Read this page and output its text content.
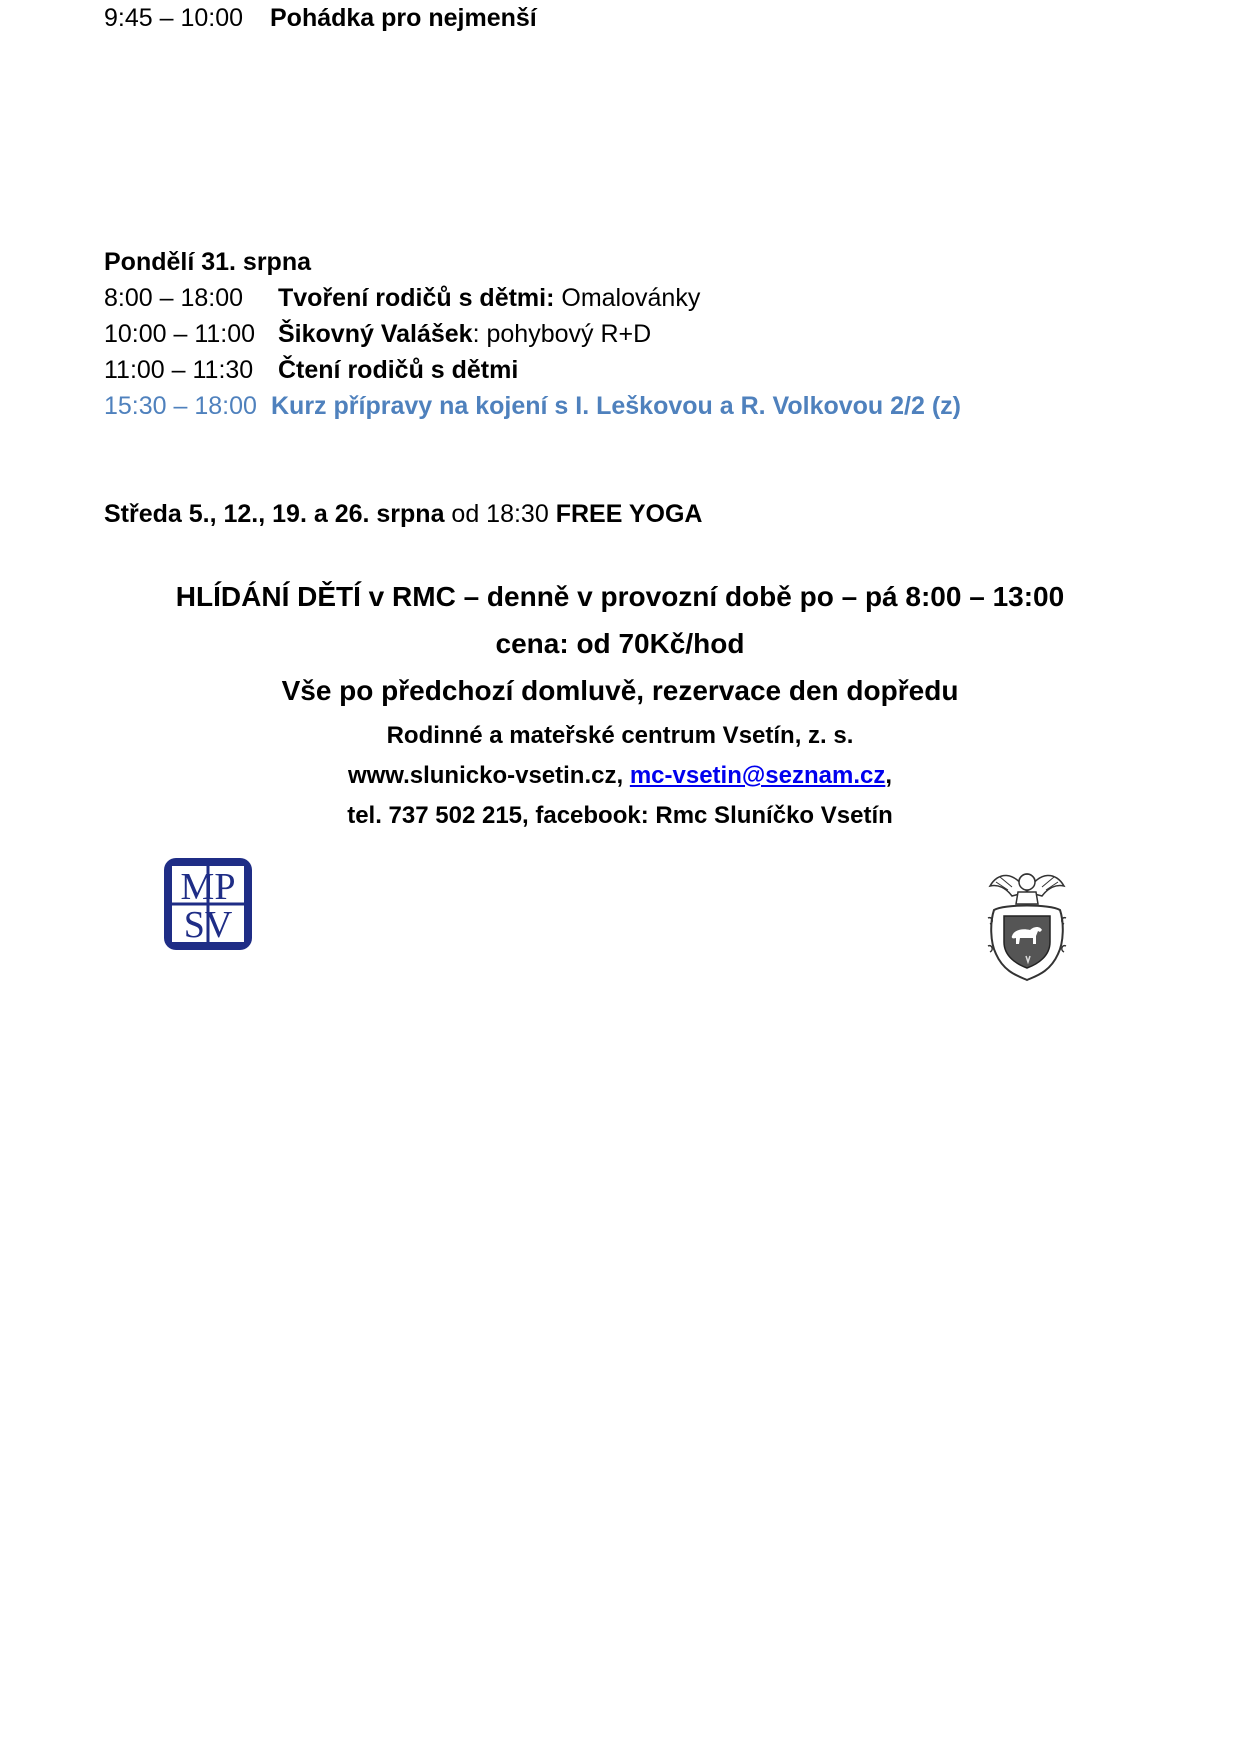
9:45 – 10:00 Pohádka pro nejmenší
Pondělí 31. srpna
8:00 – 18:00 Tvoření rodičů s dětmi: Omalovánky
10:00 – 11:00 Šikovný Valášek: pohybový R+D
11:00 – 11:30 Čtení rodičů s dětmi
15:30 – 18:00 Kurz přípravy na kojení s I. Leškovou a R. Volkovou 2/2 (z)
Středa 5., 12., 19. a 26. srpna od 18:30 FREE YOGA
HLÍDÁNÍ DĚTÍ v RMC – denně v provozní době po – pá 8:00 – 13:00
cena: od 70Kč/hod
Vše po předchozí domluvě, rezervace den dopředu
Rodinné a mateřské centrum Vsetín, z. s.
www.slunicko-vsetin.cz, mc-vsetin@seznam.cz,
tel. 737 502 215, facebook: Rmc Sluníčko Vsetín
MP
SV
